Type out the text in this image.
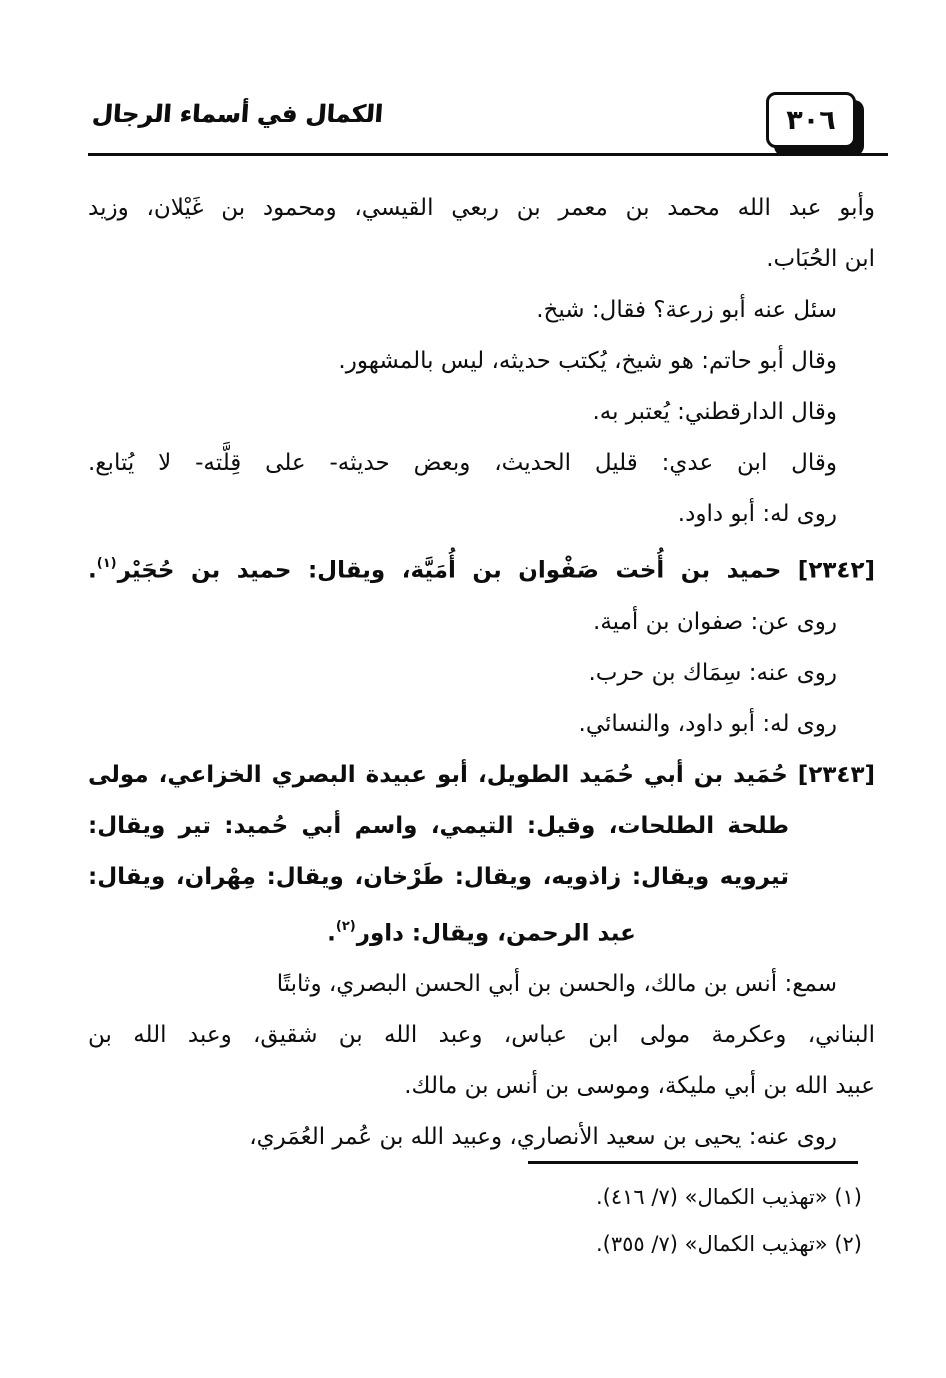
الكمال في أسماء الرجال	٣٠٦

وأبو عبد الله محمد بن معمر بن ربعي القيسي، ومحمود بن غَيْلان، وزيد

ابن الحُبَاب.

سئل عنه أبو زرعة؟ فقال: شيخ.

وقال أبو حاتم: هو شيخ، يُكتب حديثه، ليس بالمشهور.

وقال الدارقطني: يُعتبر به.

وقال ابن عدي: قليل الحديث، وبعض حديثه- على قِلَّته- لا يُتابع.

روى له: أبو داود.

[٢٣٤٢] حميد بن أُخت صَفْوان بن أُمَيَّة، ويقال: حميد بن حُجَيْر$^{(١)}$.

روى عن: صفوان بن أمية.

روى عنه: سِمَاك بن حرب.

روى له: أبو داود، والنسائي.

[٢٣٤٣] حُمَيد بن أبي حُمَيد الطويل، أبو عبيدة البصري الخزاعي، مولى

طلحة الطلحات، وقيل: التيمي، واسم أبي حُميد: تير ويقال:

تيرويه ويقال: زاذويه، ويقال: طَرْخان، ويقال: مِهْران، ويقال:

عبد الرحمن، ويقال: داور$^{(٢)}$.

سمع: أنس بن مالك، والحسن بن أبي الحسن البصري، وثابتًا

البناني، وعكرمة مولى ابن عباس، وعبد الله بن شقيق، وعبد الله بن

عبيد الله بن أبي مليكة، وموسى بن أنس بن مالك.

روى عنه: يحيى بن سعيد الأنصاري، وعبيد الله بن عُمر العُمَري،

(١) «تهذيب الكمال» (٧/ ٤١٦).

(٢) «تهذيب الكمال» (٧/ ٣٥٥).
